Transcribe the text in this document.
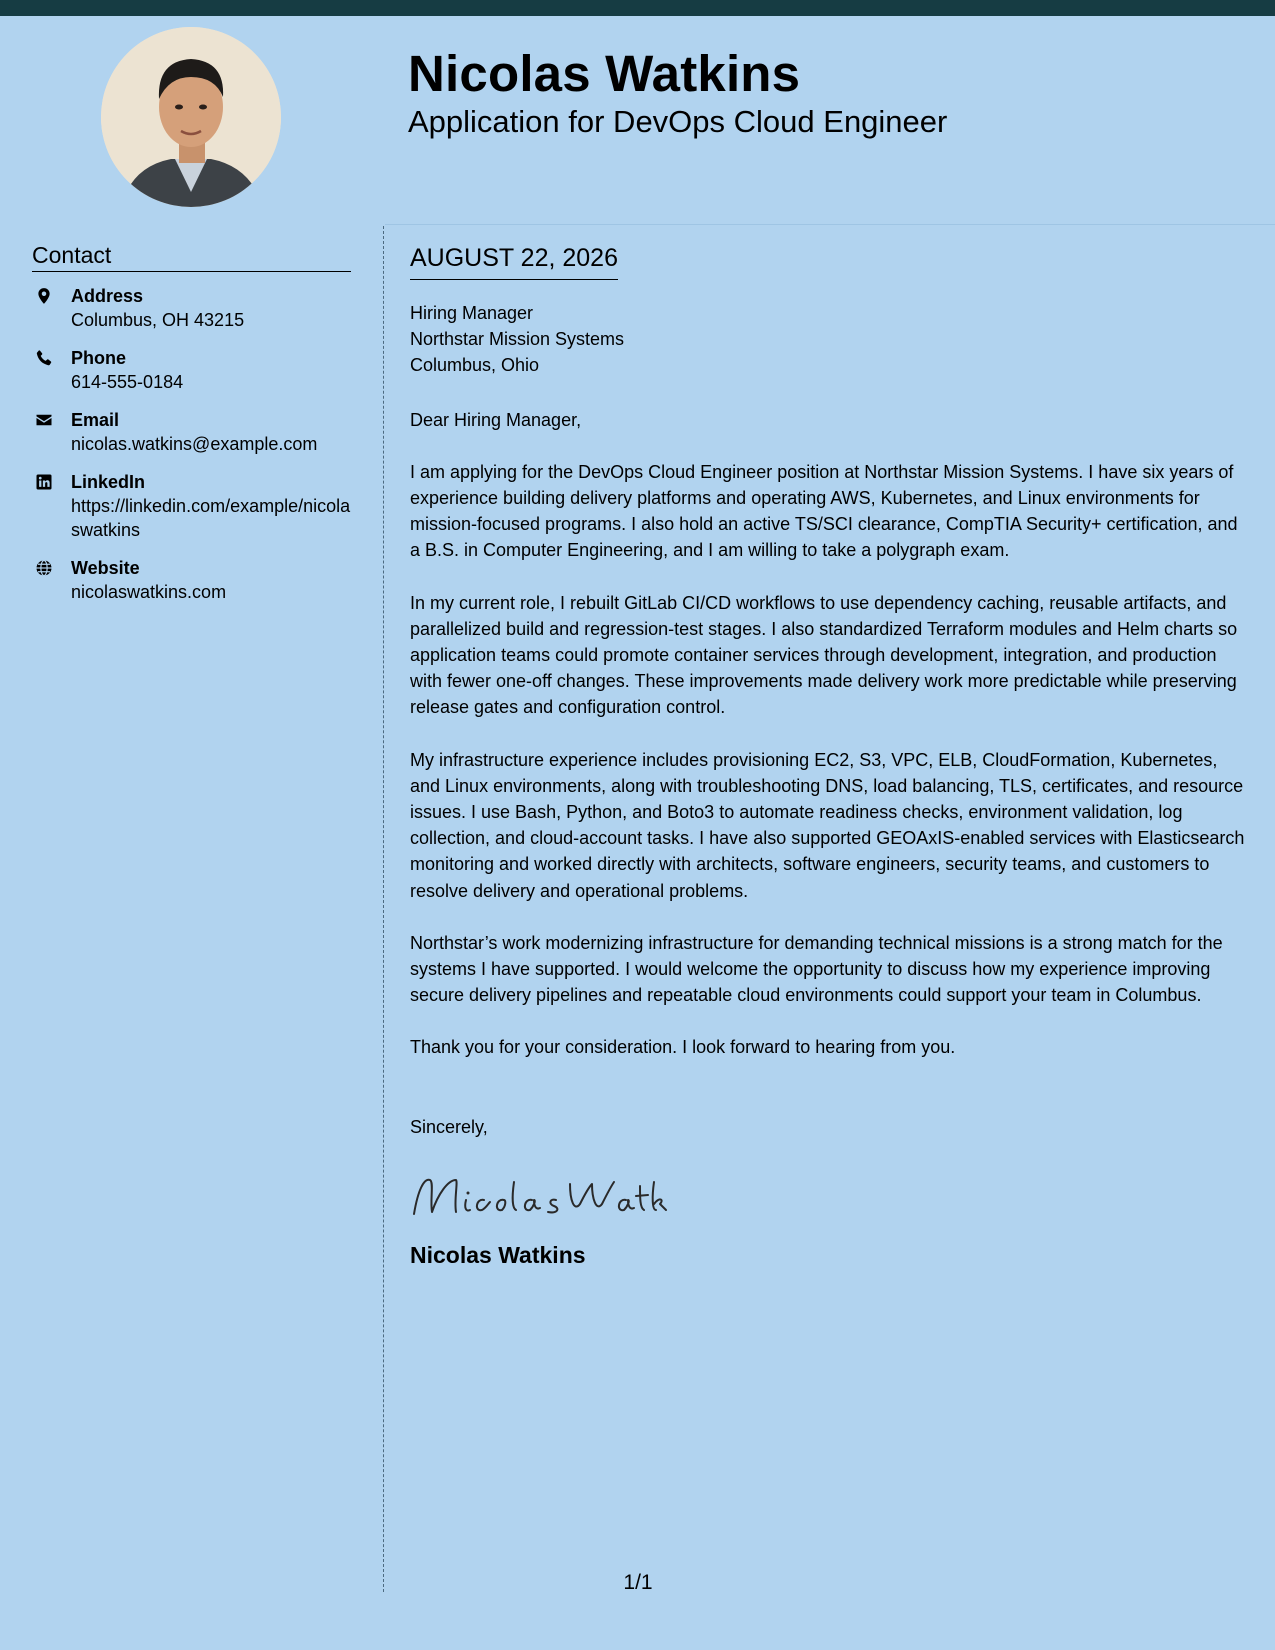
Nicolas Watkins
Application for DevOps Cloud Engineer
Contact
Address
Columbus, OH 43215
Phone
614-555-0184
Email
nicolas.watkins@example.com
LinkedIn
https://linkedin.com/example/nicolaswatkins
Website
nicolaswatkins.com
AUGUST 22, 2026
Hiring Manager
Northstar Mission Systems
Columbus, Ohio

Dear Hiring Manager,

I am applying for the DevOps Cloud Engineer position at Northstar Mission Systems. I have six years of experience building delivery platforms and operating AWS, Kubernetes, and Linux environments for mission-focused programs. I also hold an active TS/SCI clearance, CompTIA Security+ certification, and a B.S. in Computer Engineering, and I am willing to take a polygraph exam.

In my current role, I rebuilt GitLab CI/CD workflows to use dependency caching, reusable artifacts, and parallelized build and regression-test stages. I also standardized Terraform modules and Helm charts so application teams could promote container services through development, integration, and production with fewer one-off changes. These improvements made delivery work more predictable while preserving release gates and configuration control.

My infrastructure experience includes provisioning EC2, S3, VPC, ELB, CloudFormation, Kubernetes, and Linux environments, along with troubleshooting DNS, load balancing, TLS, certificates, and resource issues. I use Bash, Python, and Boto3 to automate readiness checks, environment validation, log collection, and cloud-account tasks. I have also supported GEOAxIS-enabled services with Elasticsearch monitoring and worked directly with architects, software engineers, security teams, and customers to resolve delivery and operational problems.

Northstar’s work modernizing infrastructure for demanding technical missions is a strong match for the systems I have supported. I would welcome the opportunity to discuss how my experience improving secure delivery pipelines and repeatable cloud environments could support your team in Columbus.

Thank you for your consideration. I look forward to hearing from you.

Sincerely,

Nicolas Watkins

Nicolas Watkins

1/1
